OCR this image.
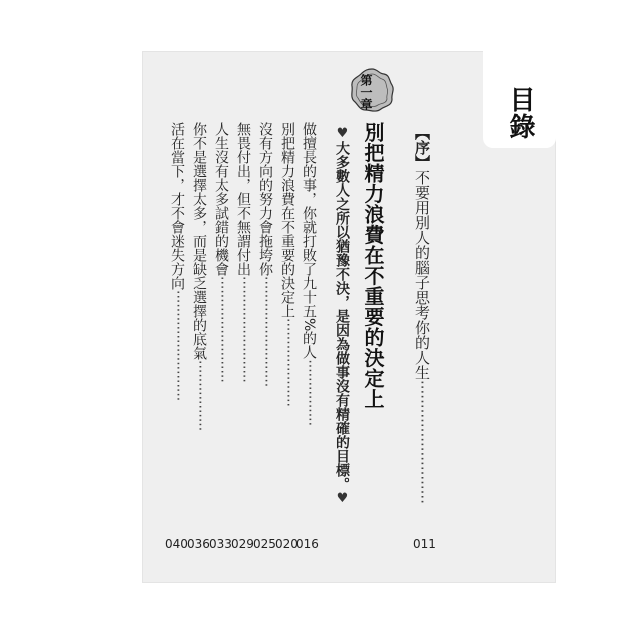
目錄
【序】不要用別人的腦子思考你的人生‧‧‧‧‧‧‧‧‧‧‧‧‧‧‧‧‧‧‧‧‧‧‧‧‧‧
011
第一章
別把精力浪費在不重要的決定上
♥大多數人之所以猶豫不決，是因為做事沒有精確的目標。♥
做擅長的事，你就打敗了九十五%的人‧‧‧‧‧‧‧‧‧‧‧‧‧‧‧
別把精力浪費在不重要的決定上‧‧‧‧‧‧‧‧‧‧‧‧‧‧‧‧‧‧‧‧
沒有方向的努力會拖垮你‧‧‧‧‧‧‧‧‧‧‧‧‧‧‧‧‧‧‧‧‧‧‧‧‧
無畏付出，但不無謂付出‧‧‧‧‧‧‧‧‧‧‧‧‧‧‧‧‧‧‧‧‧‧‧‧
人生沒有太多試錯的機會‧‧‧‧‧‧‧‧‧‧‧‧‧‧‧‧‧‧‧‧‧‧‧‧
你不是選擇太多，而是缺乏選擇的底氣‧‧‧‧‧‧‧‧‧‧‧‧‧‧‧‧
活在當下，才不會迷失方向‧‧‧‧‧‧‧‧‧‧‧‧‧‧‧‧‧‧‧‧‧‧‧‧‧
016
020
025
029
033
036
040
